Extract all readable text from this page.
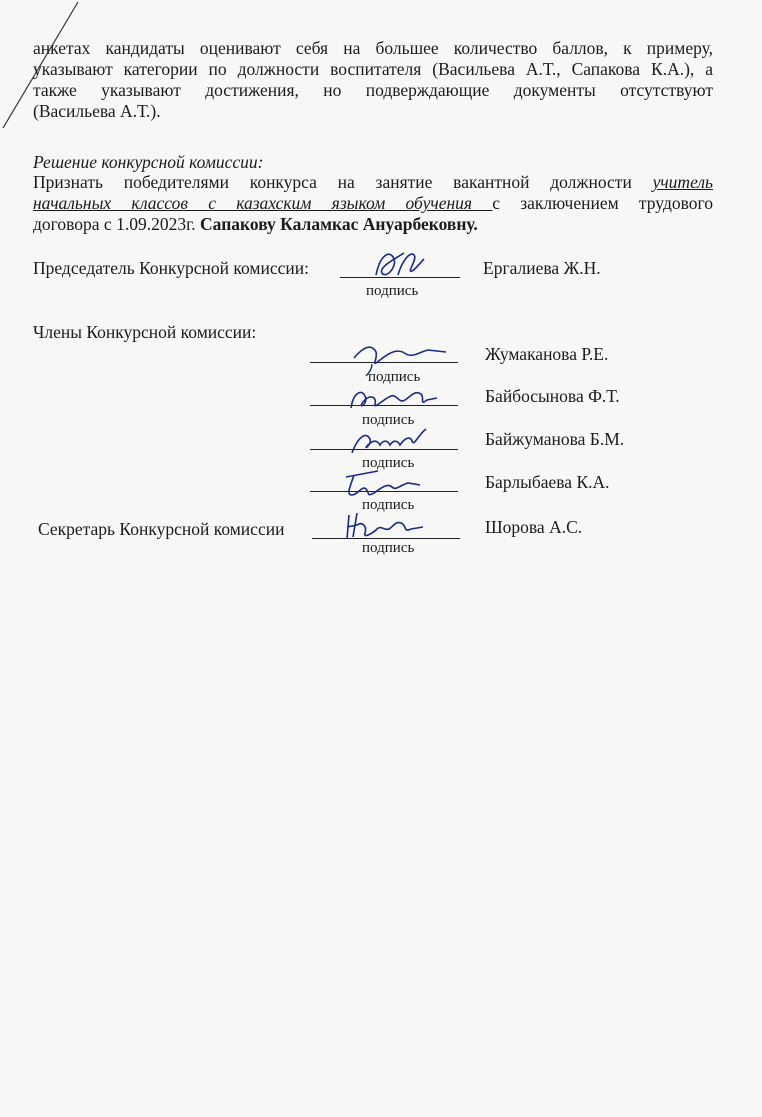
анкетах кандидаты оценивают себя на большее количество баллов, к примеру,
указывают категории по должности воспитателя (Васильева А.Т., Сапакова К.А.), а
также указывают достижения, но подверждающие документы отсутствуют
(Васильева А.Т.).
Решение конкурсной комиссии:
Признать победителями конкурса на занятие вакантной должности учитель
начальных классов с казахским языком обучения с заключением трудового
договора с 1.09.2023г. Сапакову Каламкас Ануарбековну.
Председатель Конкурсной комиссии:
подпись
Ергалиева Ж.Н.
Члены Конкурсной комиссии:
подпись
Жумаканова Р.Е.
подпись
Байбосынова Ф.Т.
подпись
Байжуманова Б.М.
подпись
Барлыбаева К.А.
Секретарь Конкурсной комиссии
подпись
Шорова А.С.
